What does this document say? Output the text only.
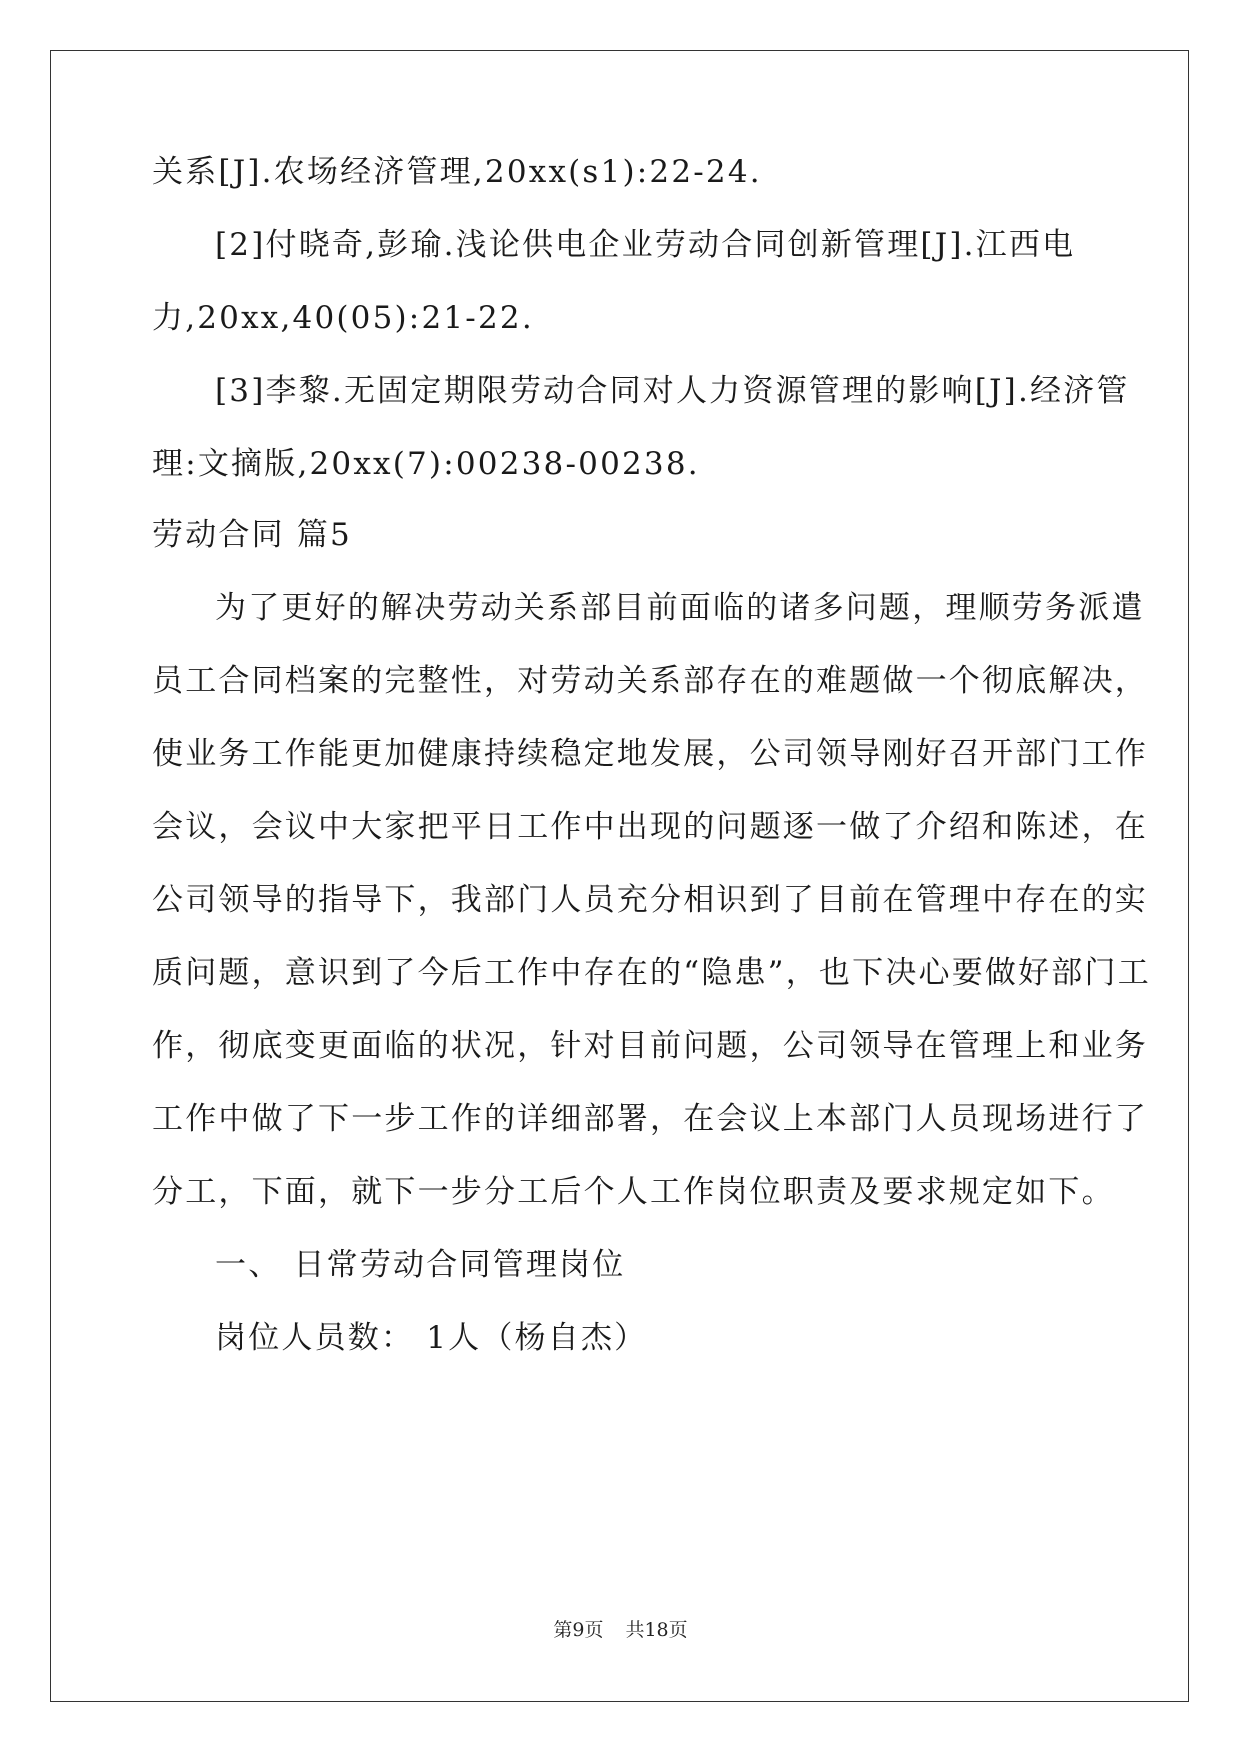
关系[J].农场经济管理,20xx(s1):22-24.
[2]付晓奇,彭瑜.浅论供电企业劳动合同创新管理[J].江西电
力,20xx,40(05):21-22.
[3]李黎.无固定期限劳动合同对人力资源管理的影响[J].经济管
理:文摘版,20xx(7):00238-00238.
劳动合同 篇5
为了更好的解决劳动关系部目前面临的诸多问题，理顺劳务派遣
员工合同档案的完整性，对劳动关系部存在的难题做一个彻底解决，
使业务工作能更加健康持续稳定地发展，公司领导刚好召开部门工作
会议，会议中大家把平日工作中出现的问题逐一做了介绍和陈述，在
公司领导的指导下，我部门人员充分相识到了目前在管理中存在的实
质问题，意识到了今后工作中存在的“隐患”，也下决心要做好部门工
作，彻底变更面临的状况，针对目前问题，公司领导在管理上和业务
工作中做了下一步工作的详细部署，在会议上本部门人员现场进行了
分工，下面，就下一步分工后个人工作岗位职责及要求规定如下。
一、 日常劳动合同管理岗位
岗位人员数： 1人（杨自杰）
第9页 共18页
